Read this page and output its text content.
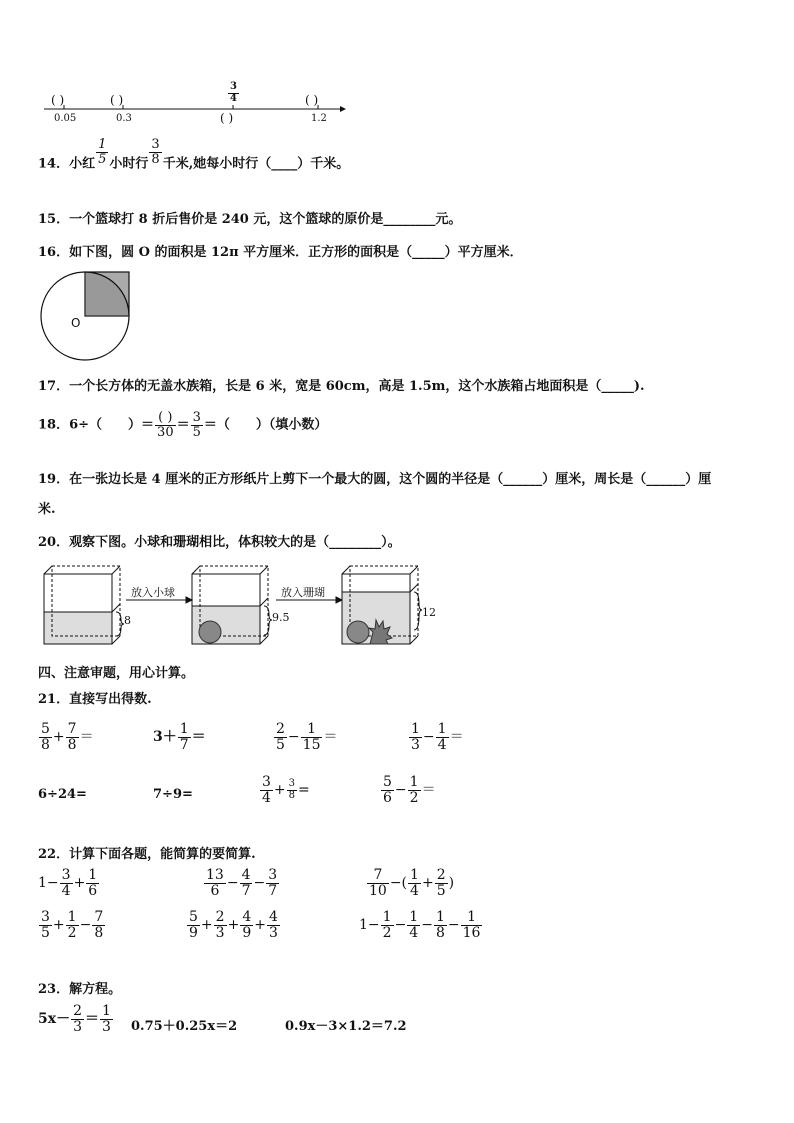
( )	( )	( )
$\frac{3}{4}$
( )
0.05	0.3	1.2
14．小红 $\frac{1}{5}$ 小时行 $\frac{3}{8}$ 千米,她每小时行（____）千米。
15．一个篮球打 8 折后售价是 240 元，这个篮球的原价是________元。
16．如下图，圆 O 的面积是 12π 平方厘米．正方形的面积是（_____）平方厘米．
O
17．一个长方体的无盖水族箱，长是 6 米，宽是 60cm，高是 1.5m，这个水族箱占地面积是（_____).
18．6÷（　　）＝ $\frac{( )}{30} = \frac{3}{5}$ ＝（　　）（填小数）
19．在一张边长是 4 厘米的正方形纸片上剪下一个最大的圆，这个圆的半径是（______）厘米，周长是（______）厘
米.
20．观察下图。小球和珊瑚相比，体积较大的是（________）。
放入小球	放入珊瑚
8	9.5	12
四、注意审题，用心计算。
21．直接写出得数.
$\frac{5}{8} + \frac{7}{8}$ ＝	$3+ \frac{1}{7}$ ＝	$\frac{2}{5} - \frac{1}{15}$ ＝	$\frac{1}{3} - \frac{1}{4}$ ＝
6÷24=	7÷9=	$\frac{3}{4} + \frac{3}{8}$ =	$\frac{5}{6} - \frac{1}{2}$ ＝
22．计算下面各题，能简算的要简算.
$1- \frac{3}{4} + \frac{1}{6}$	$\frac{13}{6} - \frac{4}{7} - \frac{3}{7}$	$\frac{7}{10}$ −( $\frac{1}{4} + \frac{2}{5}$ )
$\frac{3}{5} + \frac{1}{2} - \frac{7}{8}$	$\frac{5}{9} + \frac{2}{3} + \frac{4}{9} + \frac{4}{3}$	$1- \frac{1}{2} - \frac{1}{4} - \frac{1}{8} - \frac{1}{16}$
23．解方程。
$5x- \frac{2}{3} = \frac{1}{3} 0.75+0.25x=2$	0.9x－3×1.2＝7.2
